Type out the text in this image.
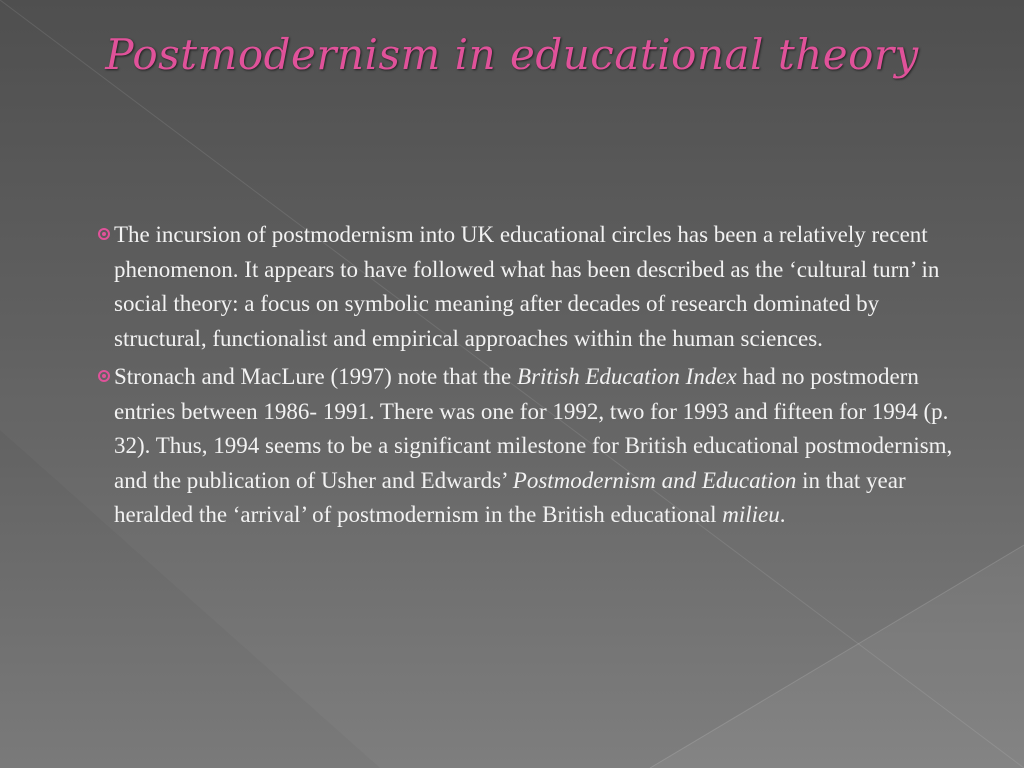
Postmodernism in educational theory
The incursion of postmodernism into UK educational circles has been a relatively recent phenomenon. It appears to have followed what has been described as the ‘cultural turn’ in social theory: a focus on symbolic meaning after decades of research dominated by structural, functionalist and empirical approaches within the human sciences.
Stronach and MacLure (1997) note that the British Education Index had no postmodern entries between 1986- 1991. There was one for 1992, two for 1993 and fifteen for 1994 (p. 32). Thus, 1994 seems to be a significant milestone for British educational postmodernism, and the publication of Usher and Edwards’ Postmodernism and Education in that year heralded the ‘arrival’ of postmodernism in the British educational milieu.
